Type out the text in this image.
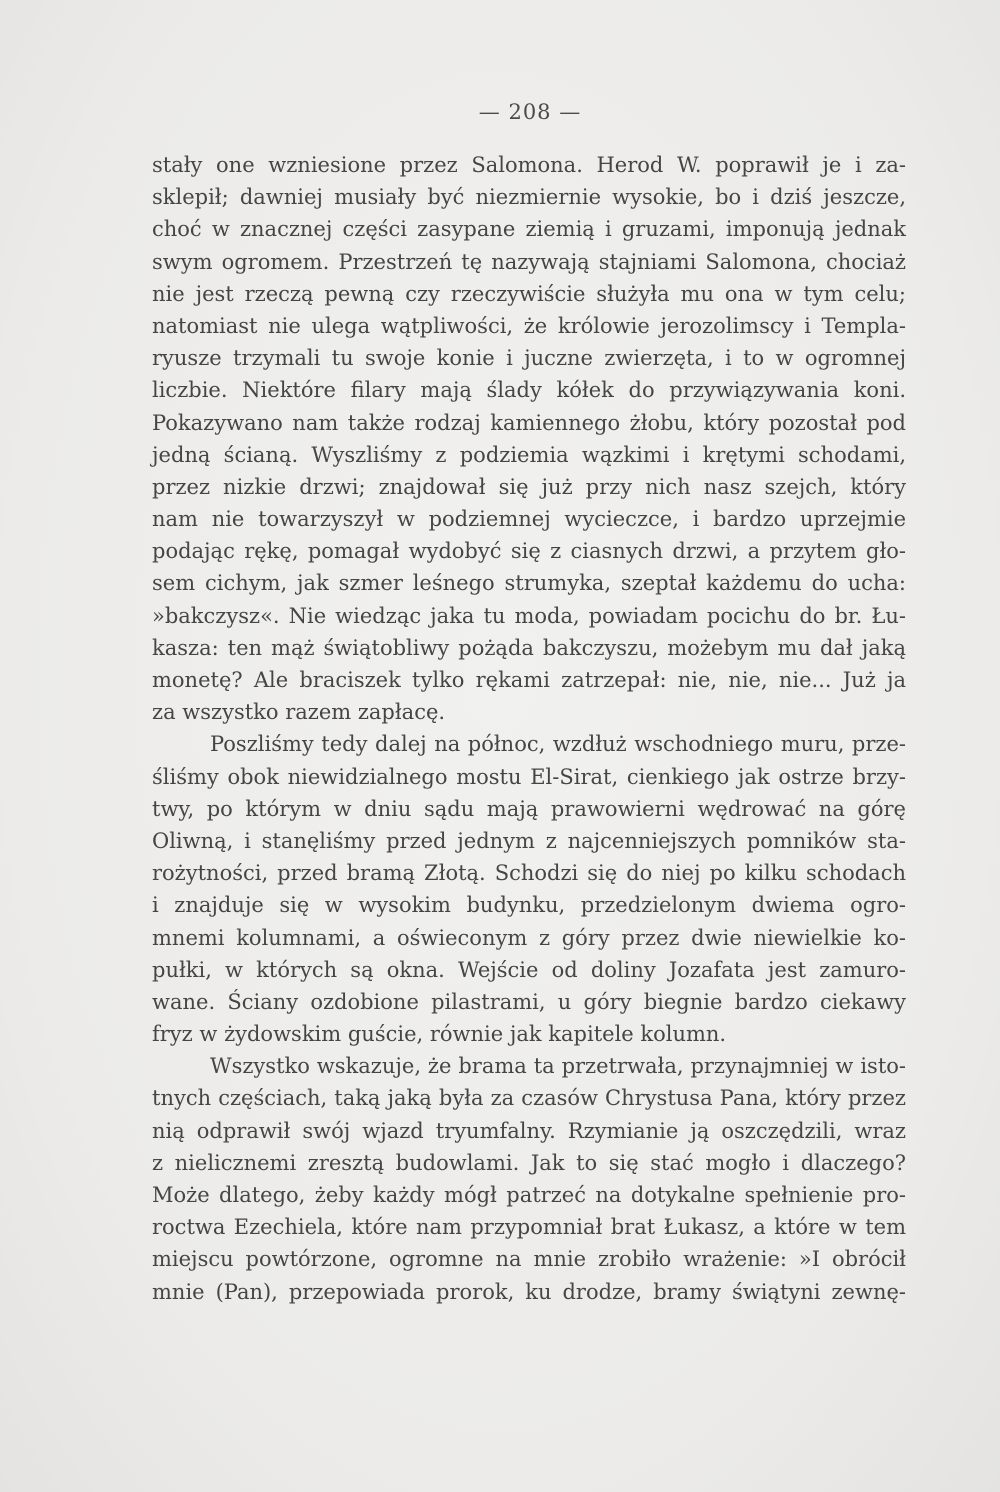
— 208 —
stały one wzniesione przez Salomona. Herod W. poprawił je i za-
sklepił; dawniej musiały być niezmiernie wysokie, bo i dziś jeszcze,
choć w znacznej części zasypane ziemią i gruzami, imponują jednak
swym ogromem. Przestrzeń tę nazywają stajniami Salomona, chociaż
nie jest rzeczą pewną czy rzeczywiście służyła mu ona w tym celu;
natomiast nie ulega wątpliwości, że królowie jerozolimscy i Templa-
ryusze trzymali tu swoje konie i juczne zwierzęta, i to w ogromnej
liczbie. Niektóre filary mają ślady kółek do przywiązywania koni.
Pokazywano nam także rodzaj kamiennego żłobu, który pozostał pod
jedną ścianą. Wyszliśmy z podziemia wązkimi i krętymi schodami,
przez nizkie drzwi; znajdował się już przy nich nasz szejch, który
nam nie towarzyszył w podziemnej wycieczce, i bardzo uprzejmie
podając rękę, pomagał wydobyć się z ciasnych drzwi, a przytem gło-
sem cichym, jak szmer leśnego strumyka, szeptał każdemu do ucha:
»bakczysz«. Nie wiedząc jaka tu moda, powiadam pocichu do br. Łu-
kasza: ten mąż świątobliwy pożąda bakczyszu, możebym mu dał jaką
monetę? Ale braciszek tylko rękami zatrzepał: nie, nie, nie... Już ja
za wszystko razem zapłacę.
Poszliśmy tedy dalej na północ, wzdłuż wschodniego muru, prze-
śliśmy obok niewidzialnego mostu El-Sirat, cienkiego jak ostrze brzy-
twy, po którym w dniu sądu mają prawowierni wędrować na górę
Oliwną, i stanęliśmy przed jednym z najcenniejszych pomników sta-
rożytności, przed bramą Złotą. Schodzi się do niej po kilku schodach
i znajduje się w wysokim budynku, przedzielonym dwiema ogro-
mnemi kolumnami, a oświeconym z góry przez dwie niewielkie ko-
pułki, w których są okna. Wejście od doliny Jozafata jest zamuro-
wane. Ściany ozdobione pilastrami, u góry biegnie bardzo ciekawy
fryz w żydowskim guście, równie jak kapitele kolumn.
Wszystko wskazuje, że brama ta przetrwała, przynajmniej w isto-
tnych częściach, taką jaką była za czasów Chrystusa Pana, który przez
nią odprawił swój wjazd tryumfalny. Rzymianie ją oszczędzili, wraz
z nielicznemi zresztą budowlami. Jak to się stać mogło i dlaczego?
Może dlatego, żeby każdy mógł patrzeć na dotykalne spełnienie pro-
roctwa Ezechiela, które nam przypomniał brat Łukasz, a które w tem
miejscu powtórzone, ogromne na mnie zrobiło wrażenie: »I obrócił
mnie (Pan), przepowiada prorok, ku drodze, bramy świątyni zewnę-
